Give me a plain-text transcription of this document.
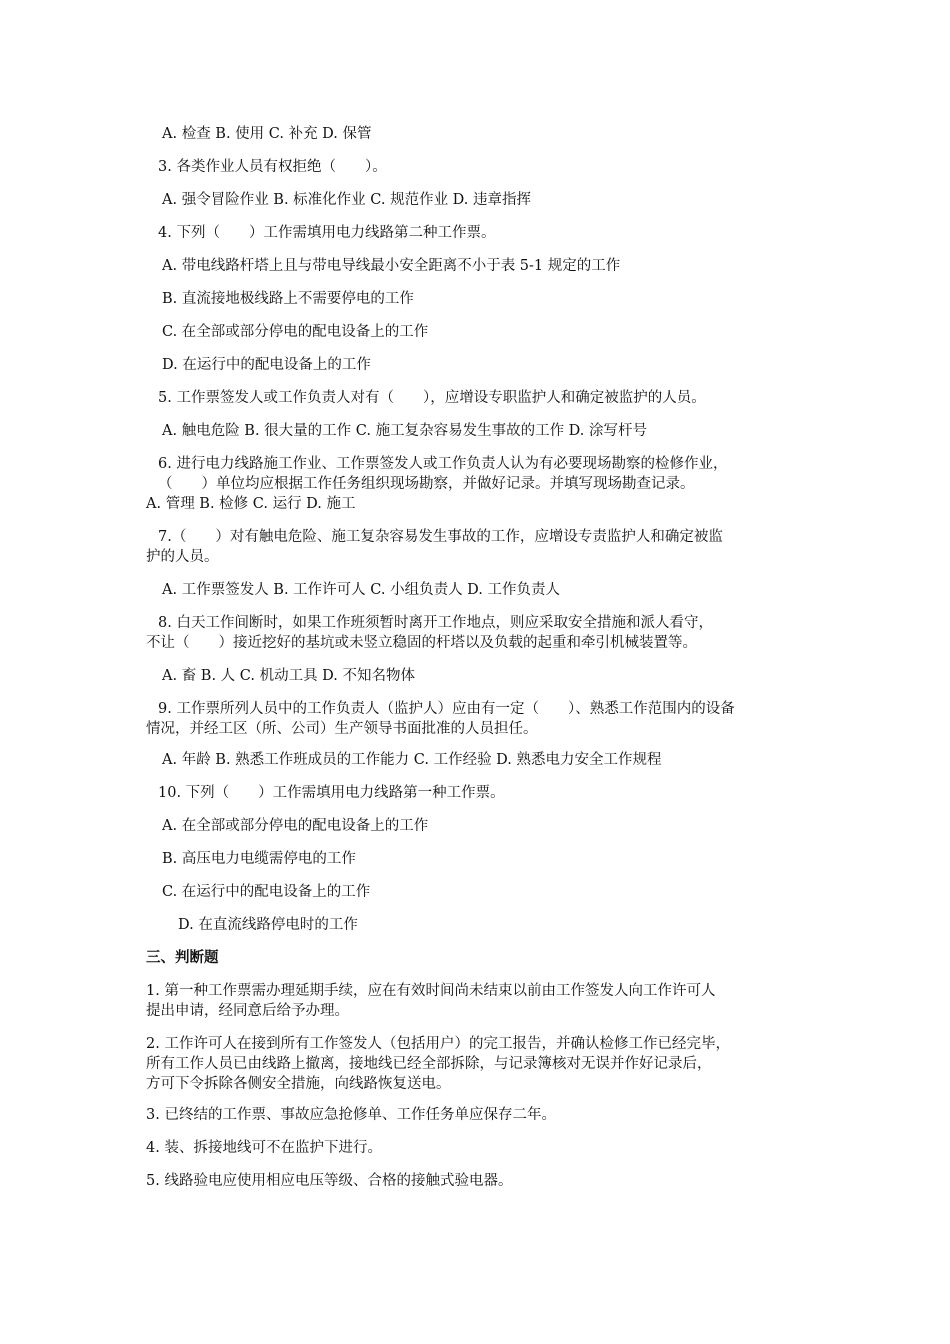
A. 检查 B. 使用 C. 补充 D. 保管
3. 各类作业人员有权拒绝（　　）。
A. 强令冒险作业 B. 标准化作业 C. 规范作业 D. 违章指挥
4. 下列（　　）工作需填用电力线路第二种工作票。
A. 带电线路杆塔上且与带电导线最小安全距离不小于表 5-1 规定的工作
B. 直流接地极线路上不需要停电的工作
C. 在全部或部分停电的配电设备上的工作
D. 在运行中的配电设备上的工作
5. 工作票签发人或工作负责人对有（　　），应增设专职监护人和确定被监护的人员。
A. 触电危险 B. 很大量的工作 C. 施工复杂容易发生事故的工作 D. 涂写杆号
6. 进行电力线路施工作业、工作票签发人或工作负责人认为有必要现场勘察的检修作业，
（　　）单位均应根据工作任务组织现场勘察，并做好记录。并填写现场勘查记录。
A. 管理 B. 检修 C. 运行 D. 施工
7.（　　）对有触电危险、施工复杂容易发生事故的工作，应增设专责监护人和确定被监
护的人员。
A. 工作票签发人 B. 工作许可人 C. 小组负责人 D. 工作负责人
8. 白天工作间断时，如果工作班须暂时离开工作地点，则应采取安全措施和派人看守，
不让（　　）接近挖好的基坑或未竖立稳固的杆塔以及负载的起重和牵引机械装置等。
A. 畜 B. 人 C. 机动工具 D. 不知名物体
9. 工作票所列人员中的工作负责人（监护人）应由有一定（　　）、熟悉工作范围内的设备
情况，并经工区（所、公司）生产领导书面批准的人员担任。
A. 年龄 B. 熟悉工作班成员的工作能力 C. 工作经验 D. 熟悉电力安全工作规程
10. 下列（　　）工作需填用电力线路第一种工作票。
A. 在全部或部分停电的配电设备上的工作
B. 高压电力电缆需停电的工作
C. 在运行中的配电设备上的工作
D. 在直流线路停电时的工作
三、判断题
1. 第一种工作票需办理延期手续，应在有效时间尚未结束以前由工作签发人向工作许可人
提出申请，经同意后给予办理。
2. 工作许可人在接到所有工作签发人（包括用户）的完工报告，并确认检修工作已经完毕，
所有工作人员已由线路上撤离，接地线已经全部拆除，与记录簿核对无误并作好记录后，
方可下令拆除各侧安全措施，向线路恢复送电。
3. 已终结的工作票、事故应急抢修单、工作任务单应保存二年。
4. 装、拆接地线可不在监护下进行。
5. 线路验电应使用相应电压等级、合格的接触式验电器。
